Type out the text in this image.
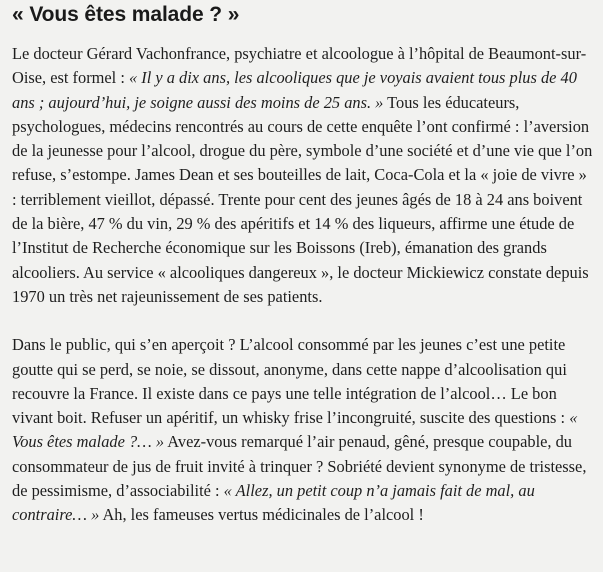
« Vous êtes malade ? »

Le docteur Gérard Vachonfrance, psychiatre et alcoologue à l’hôpital de Beaumont-sur-Oise, est formel : « Il y a dix ans, les alcooliques que je voyais avaient tous plus de 40 ans ; aujourd’hui, je soigne aussi des moins de 25 ans. » Tous les éducateurs, psychologues, médecins rencontrés au cours de cette enquête l’ont confirmé : l’aversion de la jeunesse pour l’alcool, drogue du père, symbole d’une société et d’une vie que l’on refuse, s’estompe. James Dean et ses bouteilles de lait, Coca-Cola et la « joie de vivre » : terriblement vieillot, dépassé. Trente pour cent des jeunes âgés de 18 à 24 ans boivent de la bière, 47 % du vin, 29 % des apéritifs et 14 % des liqueurs, affirme une étude de l’Institut de Recherche économique sur les Boissons (Ireb), émanation des grands alcooliers. Au service « alcooliques dangereux », le docteur Mickiewicz constate depuis 1970 un très net rajeunissement de ses patients.

Dans le public, qui s’en aperçoit ? L’alcool consommé par les jeunes c’est une petite goutte qui se perd, se noie, se dissout, anonyme, dans cette nappe d’alcoolisation qui recouvre la France. Il existe dans ce pays une telle intégration de l’alcool… Le bon vivant boit. Refuser un apéritif, un whisky frise l’incongruité, suscite des questions : « Vous êtes malade ?… » Avez-vous remarqué l’air penaud, gêné, presque coupable, du consommateur de jus de fruit invité à trinquer ? Sobriété devient synonyme de tristesse, de pessimisme, d’associabilité : « Allez, un petit coup n’a jamais fait de mal, au contraire… » Ah, les fameuses vertus médicinales de l’alcool !
